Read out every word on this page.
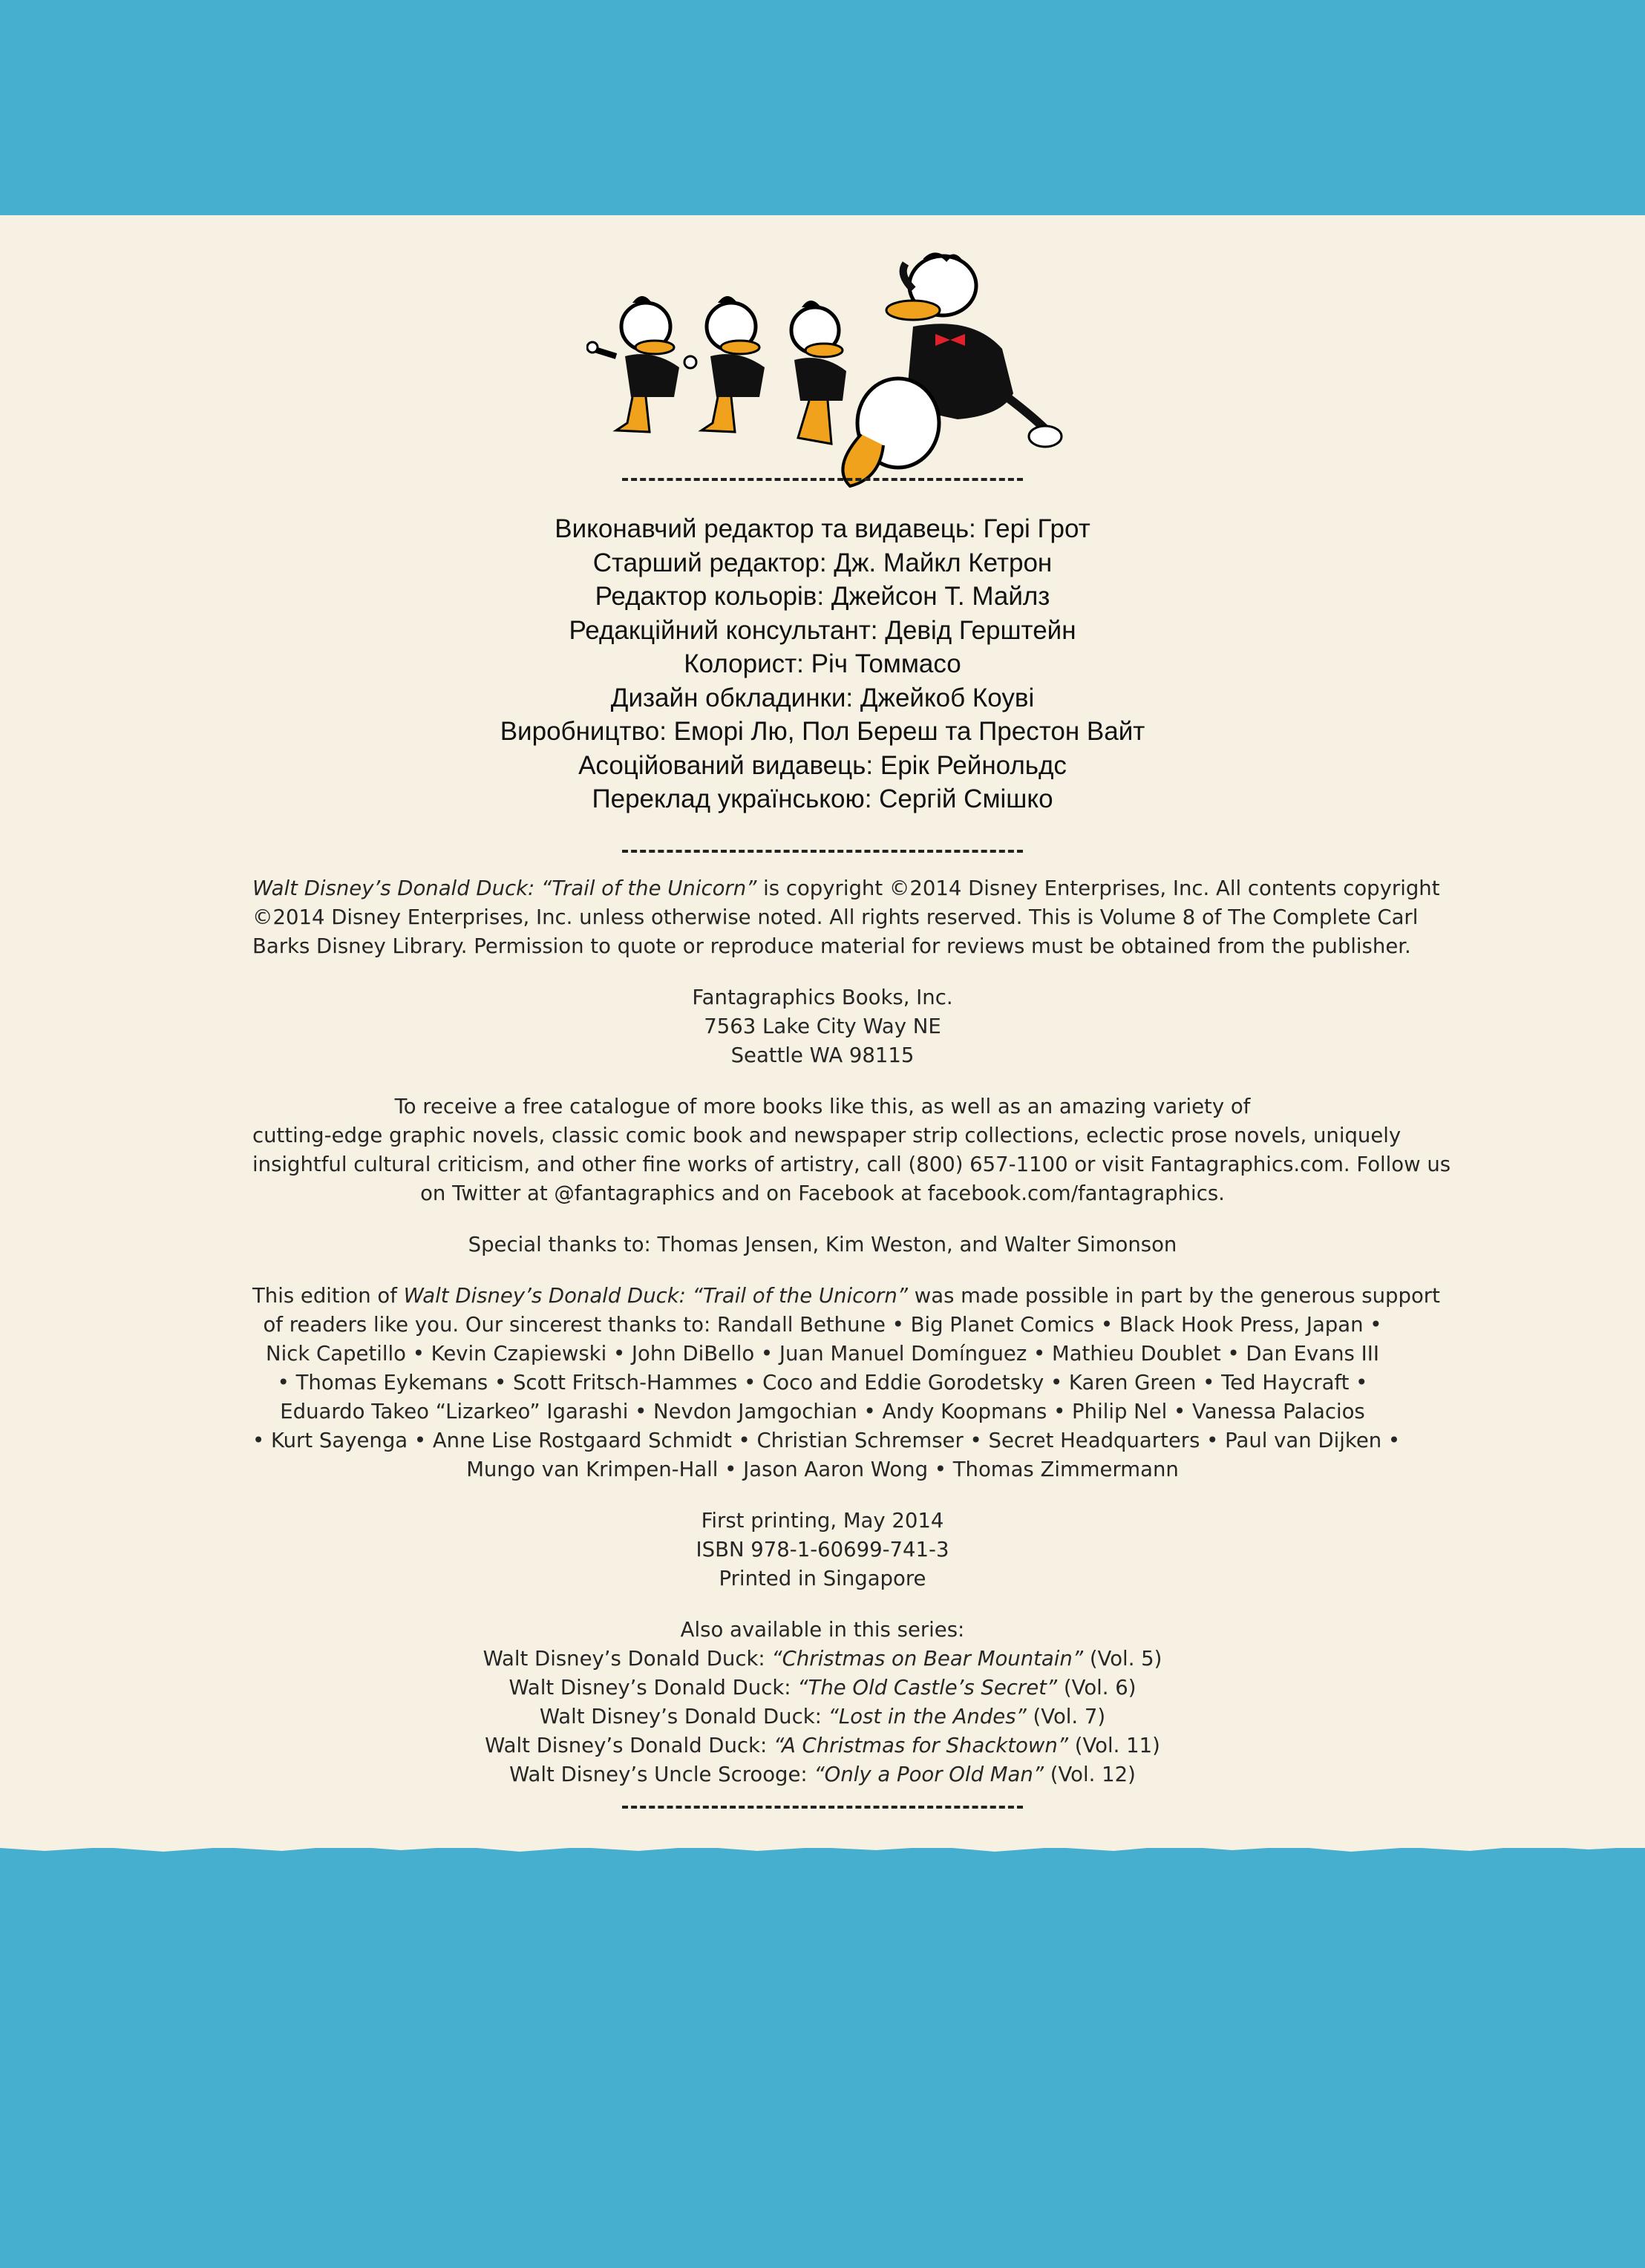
Виконавчий редактор та видавець: Гері Грот
Старший редактор: Дж. Майкл Кетрон
Редактор кольорів: Джейсон Т. Майлз
Редакційний консультант: Девід Герштейн
Колорист: Річ Томмасо
Дизайн обкладинки: Джейкоб Коуві
Виробництво: Еморі Лю, Пол Береш та Престон Вайт
Асоційований видавець: Ерік Рейнольдс
Переклад українською: Сергій Смішко
Walt Disney’s Donald Duck: “Trail of the Unicorn” is copyright ©2014 Disney Enterprises, Inc. All contents copyright
©2014 Disney Enterprises, Inc. unless otherwise noted. All rights reserved. This is Volume 8 of The Complete Carl
Barks Disney Library. Permission to quote or reproduce material for reviews must be obtained from the publisher.
Fantagraphics Books, Inc.
7563 Lake City Way NE
Seattle WA 98115
To receive a free catalogue of more books like this, as well as an amazing variety of
cutting-edge graphic novels, classic comic book and newspaper strip collections, eclectic prose novels, uniquely
insightful cultural criticism, and other fine works of artistry, call (800) 657-1100 or visit Fantagraphics.com. Follow us
on Twitter at @fantagraphics and on Facebook at facebook.com/fantagraphics.
Special thanks to: Thomas Jensen, Kim Weston, and Walter Simonson
This edition of Walt Disney’s Donald Duck: “Trail of the Unicorn” was made possible in part by the generous support
of readers like you. Our sincerest thanks to: Randall Bethune • Big Planet Comics • Black Hook Press, Japan •
Nick Capetillo • Kevin Czapiewski • John DiBello • Juan Manuel Domínguez • Mathieu Doublet • Dan Evans III
• Thomas Eykemans • Scott Fritsch-Hammes • Coco and Eddie Gorodetsky • Karen Green • Ted Haycraft •
Eduardo Takeo “Lizarkeo” Igarashi • Nevdon Jamgochian • Andy Koopmans • Philip Nel • Vanessa Palacios
• Kurt Sayenga • Anne Lise Rostgaard Schmidt • Christian Schremser • Secret Headquarters • Paul van Dijken •
Mungo van Krimpen-Hall • Jason Aaron Wong • Thomas Zimmermann
First printing, May 2014
ISBN 978-1-60699-741-3
Printed in Singapore
Also available in this series:
Walt Disney’s Donald Duck: “Christmas on Bear Mountain” (Vol. 5)
Walt Disney’s Donald Duck: “The Old Castle’s Secret” (Vol. 6)
Walt Disney’s Donald Duck: “Lost in the Andes” (Vol. 7)
Walt Disney’s Donald Duck: “A Christmas for Shacktown” (Vol. 11)
Walt Disney’s Uncle Scrooge: “Only a Poor Old Man” (Vol. 12)
